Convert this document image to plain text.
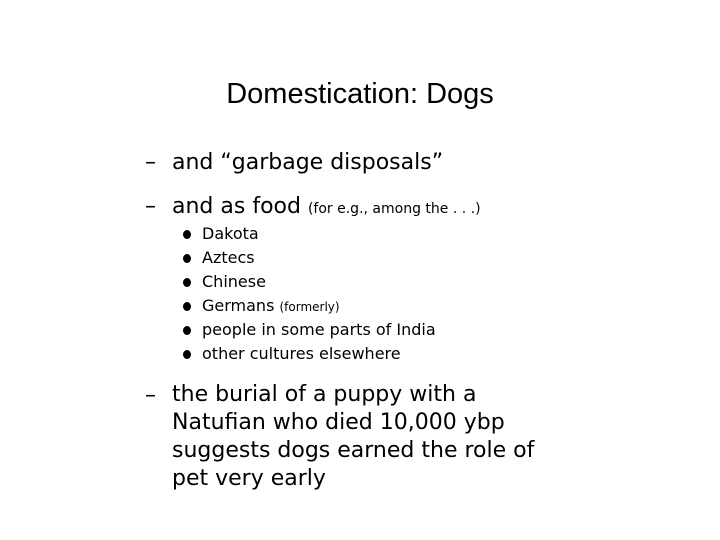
Domestication: Dogs
– and “garbage disposals”
– and as food (for e.g., among the . . .)
Dakota
Aztecs
Chinese
Germans (formerly)
people in some parts of India
other cultures elsewhere
– the burial of a puppy with a
Natufian who died 10,000 ybp
suggests dogs earned the role of
pet very early
